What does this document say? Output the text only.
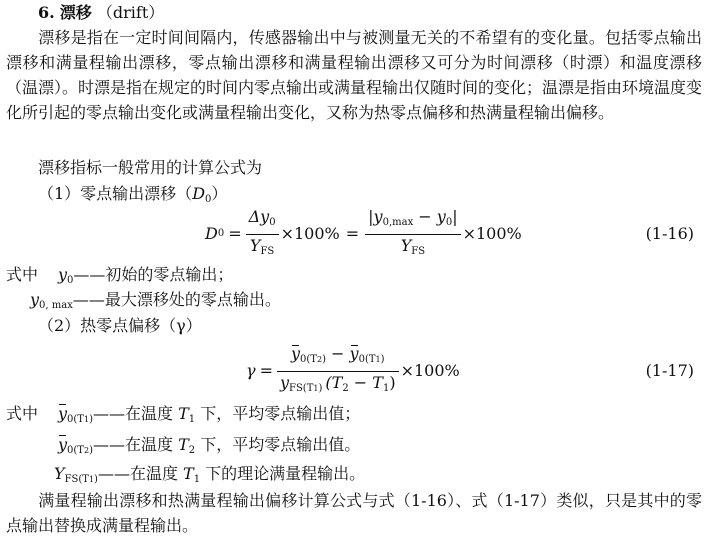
6. 漂移 （drift）
漂移是指在一定时间间隔内，传感器输出中与被测量无关的不希望有的变化量。包括零点输出漂移和满量程输出漂移，零点输出漂移和满量程输出漂移又可分为时间漂移（时漂）和温度漂移（温漂）。时漂是指在规定的时间内零点输出或满量程输出仅随时间的变化；温漂是指由环境温度变化所引起的零点输出变化或满量程输出变化，又称为热零点偏移和热满量程输出偏移。
漂移指标一般常用的计算公式为
（1）零点输出漂移$(D_0)$
D $0 = \frac{\Delta y_0}{Y_{FS}} \times 100\% = \frac{|y_{0,max} - y_0|}{Y_{FS}} \times 100\%$	(1-16)
式中 $y_0——$初始的零点输出；
$y_{0, max}——$最大漂移处的零点输出。
（2）热零点偏移（γ）
$\gamma = \frac{y_{0(T2)} - y_{0(T1)}}{y_{FS(T1)} (T_2 - T_1)} \times 100\%$	(1-17)
式中 $y_{0(T1)}——$在温度 $T_1$ 下，平均零点输出值；
$y_{0(T2)}——$在温度 $T_2$ 下，平均零点输出值。
$Y_{FS(T1)}——$在温度 $T_1$ 下的理论满量程输出。
满量程输出漂移和热满量程输出偏移计算公式与式（1-16）、式（1-17）类似，只是其中的零点输出替换成满量程输出。
